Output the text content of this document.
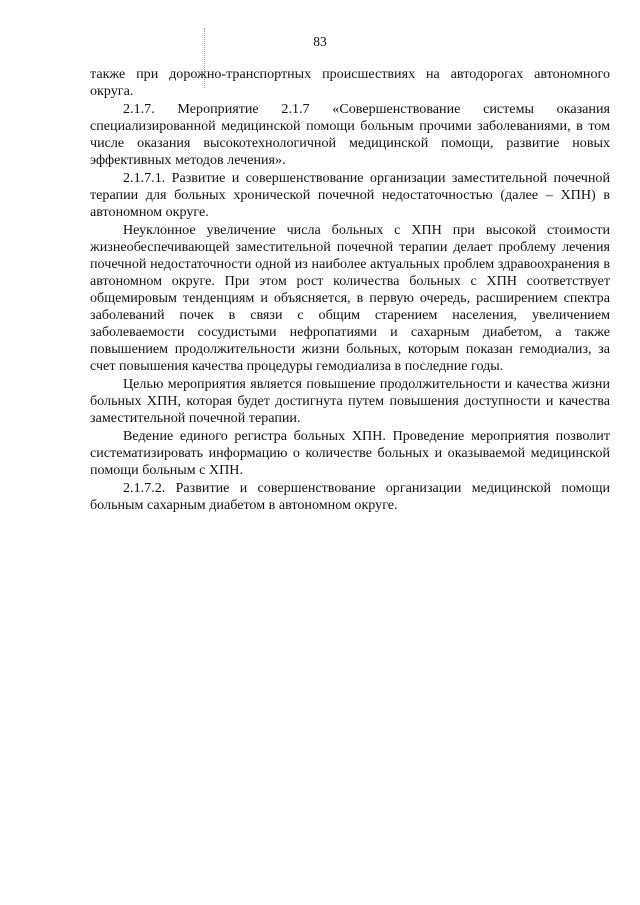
83

также при дорожно-транспортных происшествиях на автодорогах автономного округа.

2.1.7. Мероприятие 2.1.7 «Совершенствование системы оказания специализированной медицинской помощи больным прочими заболеваниями, в том числе оказания высокотехнологичной медицинской помощи, развитие новых эффективных методов лечения».

2.1.7.1. Развитие и совершенствование организации заместительной почечной терапии для больных хронической почечной недостаточностью (далее – ХПН) в автономном округе.

Неуклонное увеличение числа больных с ХПН при высокой стоимости жизнеобеспечивающей заместительной почечной терапии делает проблему лечения почечной недостаточности одной из наиболее актуальных проблем здравоохранения в автономном округе. При этом рост количества больных с ХПН соответствует общемировым тенденциям и объясняется, в первую очередь, расширением спектра заболеваний почек в связи с общим старением населения, увеличением заболеваемости сосудистыми нефропатиями и сахарным диабетом, а также повышением продолжительности жизни больных, которым показан гемодиализ, за счет повышения качества процедуры гемодиализа в последние годы.

Целью мероприятия является повышение продолжительности и качества жизни больных ХПН, которая будет достигнута путем повышения доступности и качества заместительной почечной терапии.

Ведение единого регистра больных ХПН. Проведение мероприятия позволит систематизировать информацию о количестве больных и оказываемой медицинской помощи больным с ХПН.

2.1.7.2. Развитие и совершенствование организации медицинской помощи больным сахарным диабетом в автономном округе.
